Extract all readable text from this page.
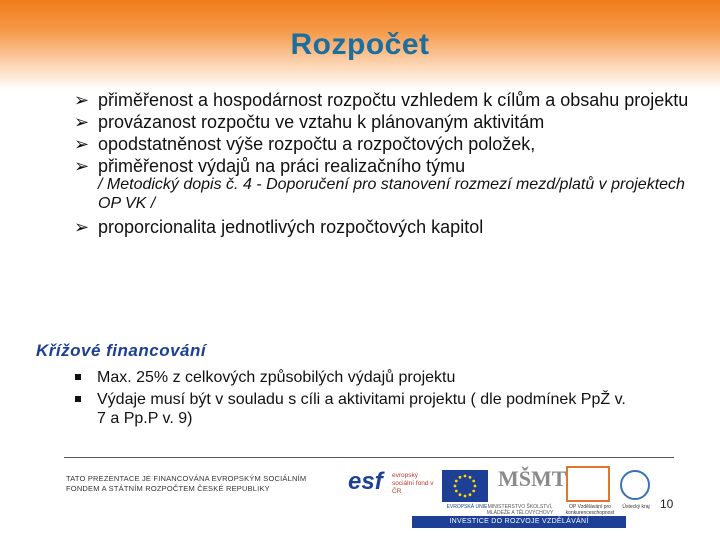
Rozpočet
➢ přiměřenost a hospodárnost rozpočtu vzhledem k cílům a obsahu projektu
➢ provázanost rozpočtu ve vztahu k plánovaným aktivitám
➢ opodstatněnost výše rozpočtu a rozpočtových položek,
➢ přiměřenost výdajů na práci realizačního týmu
/ Metodický dopis č. 4 - Doporučení pro stanovení rozmezí mezd/platů v projektech OP VK /
➢ proporcionalita jednotlivých rozpočtových kapitol
Křížové financování
Max. 25% z celkových způsobilých výdajů projektu
Výdaje musí být v souladu s cíli a aktivitami projektu ( dle podmínek PpŽ v. 7 a Pp.P v. 9)
TATO PREZENTACE JE FINANCOVÁNA EVROPSKÝM SOCIÁLNÍM FONDEM A STÁTNÍM ROZPOČTEM ČESKÉ REPUBLIKY	esf	evropský sociální fond v ČR
EVROPSKÁ UNIE
MŠMT
MINISTERSTVO ŠKOLSTVÍ, MLÁDEŽE A TĚLOVÝCHOVY
OP Vzdělávání pro konkurenceschopnost
Ústecký kraj
INVESTICE DO ROZVOJE VZDĚLÁVÁNÍ
10
